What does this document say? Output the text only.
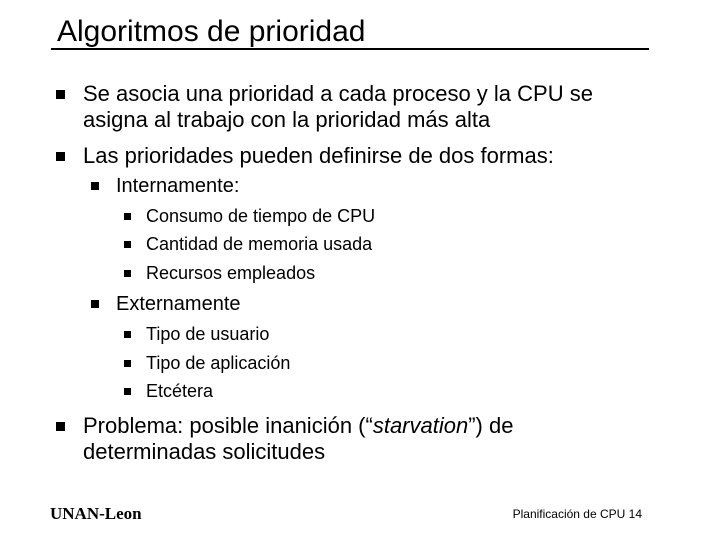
Algoritmos de prioridad
Se asocia una prioridad a cada proceso y la CPU se
asigna al trabajo con la prioridad más alta
Las prioridades pueden definirse de dos formas:
Internamente:
Consumo de tiempo de CPU
Cantidad de memoria usada
Recursos empleados
Externamente
Tipo de usuario
Tipo de aplicación
Etcétera
Problema: posible inanición (“starvation”) de
determinadas solicitudes
UNAN-Leon	Planificación de CPU 14
